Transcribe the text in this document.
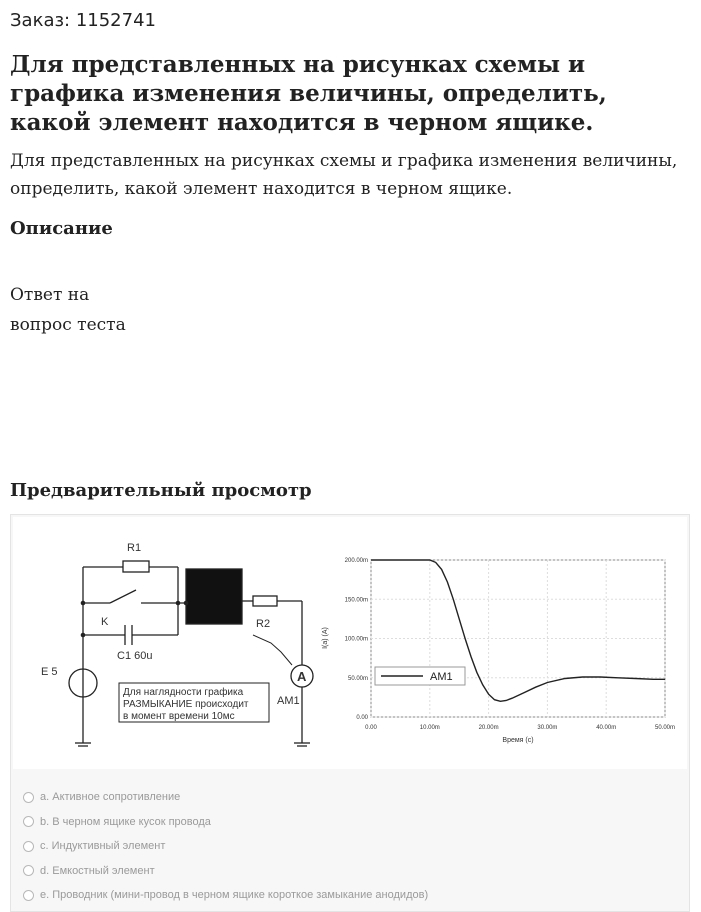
Заказ: 1152741
Для представленных на рисунках схемы и графика изменения величины, определить, какой элемент находится в черном ящике.

Для представленных на рисунках схемы и графика изменения величины, определить, какой элемент находится в черном ящике.

Описание
Ответ на
вопрос теста
Предварительный просмотр
R1
K
C1 60u
E 5
R2
A
AM1
Для наглядности графика
РАЗМЫКАНИЕ происходит
в момент времени 10мс
0.00	10.00m	20.00m	30.00m	40.00m	50.00m
0.00
50.00m
100.00m
150.00m
200.00m
AM1
Время (с)
I(а) (А)
a. Активное сопротивление
b. В черном ящике кусок провода
c. Индуктивный элемент
d. Емкостный элемент
e. Проводник (мини-провод в черном ящике короткое замыкание анодидов)
